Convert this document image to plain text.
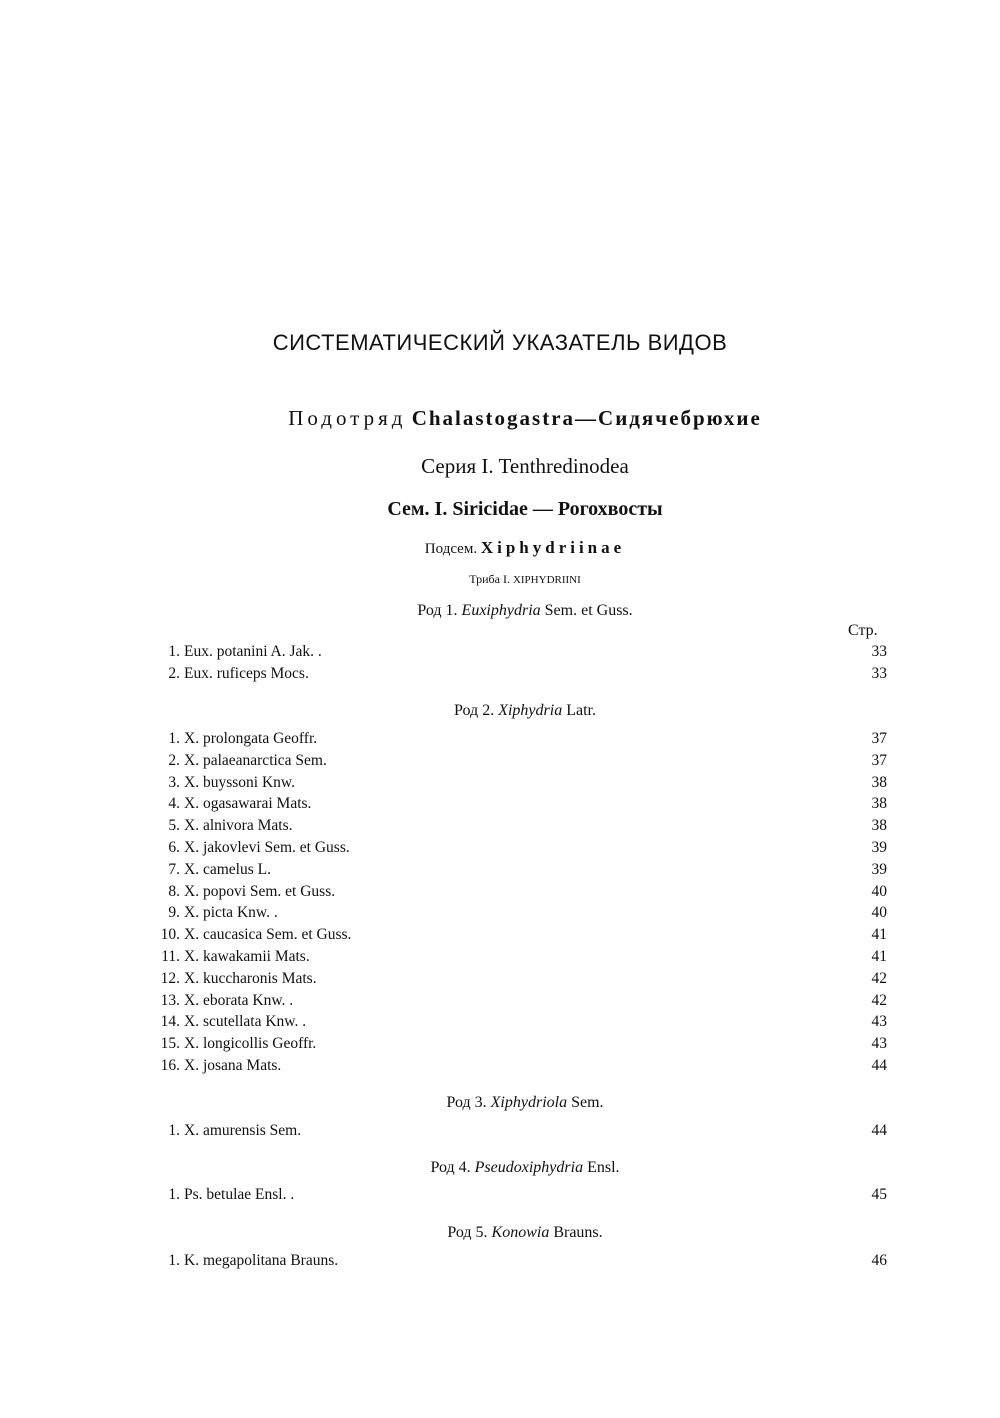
СИСТЕМАТИЧЕСКИЙ УКАЗАТЕЛЬ ВИДОВ
Подотряд Chalastogastra—Сидячебрюхие
Серия I. Tenthredinodea
Сем. I. Siricidae — Рогохвосты
Подсем. Xiphydriinae
Триба I. XIPHYDRIINI
Род 1. Euxiphydria Sem. et Guss.
Стр.
1. Eux. potanini A. Jak. .	33
2. Eux. ruficeps Mocs.	33
Род 2. Xiphydria Latr.
1. X. prolongata Geoffr.	37
2. X. palaeanarctica Sem.	37
3. X. buyssoni Knw.	38
4. X. ogasawarai Mats.	38
5. X. alnivora Mats.	38
6. X. jakovlevi Sem. et Guss.	39
7. X. camelus L.	39
8. X. popovi Sem. et Guss.	40
9. X. picta Knw. .	40
10. X. caucasica Sem. et Guss.	41
11. X. kawakamii Mats.	41
12. X. kuccharonis Mats.	42
13. X. eborata Knw. .	42
14. X. scutellata Knw. .	43
15. X. longicollis Geoffr.	43
16. X. josana Mats.	44
Род 3. Xiphydriola Sem.
1. X. amurensis Sem.	44
Род 4. Pseudoxiphydria Ensl.
1. Ps. betulae Ensl. .	45
Род 5. Konowia Brauns.
1. K. megapolitana Brauns.	46
